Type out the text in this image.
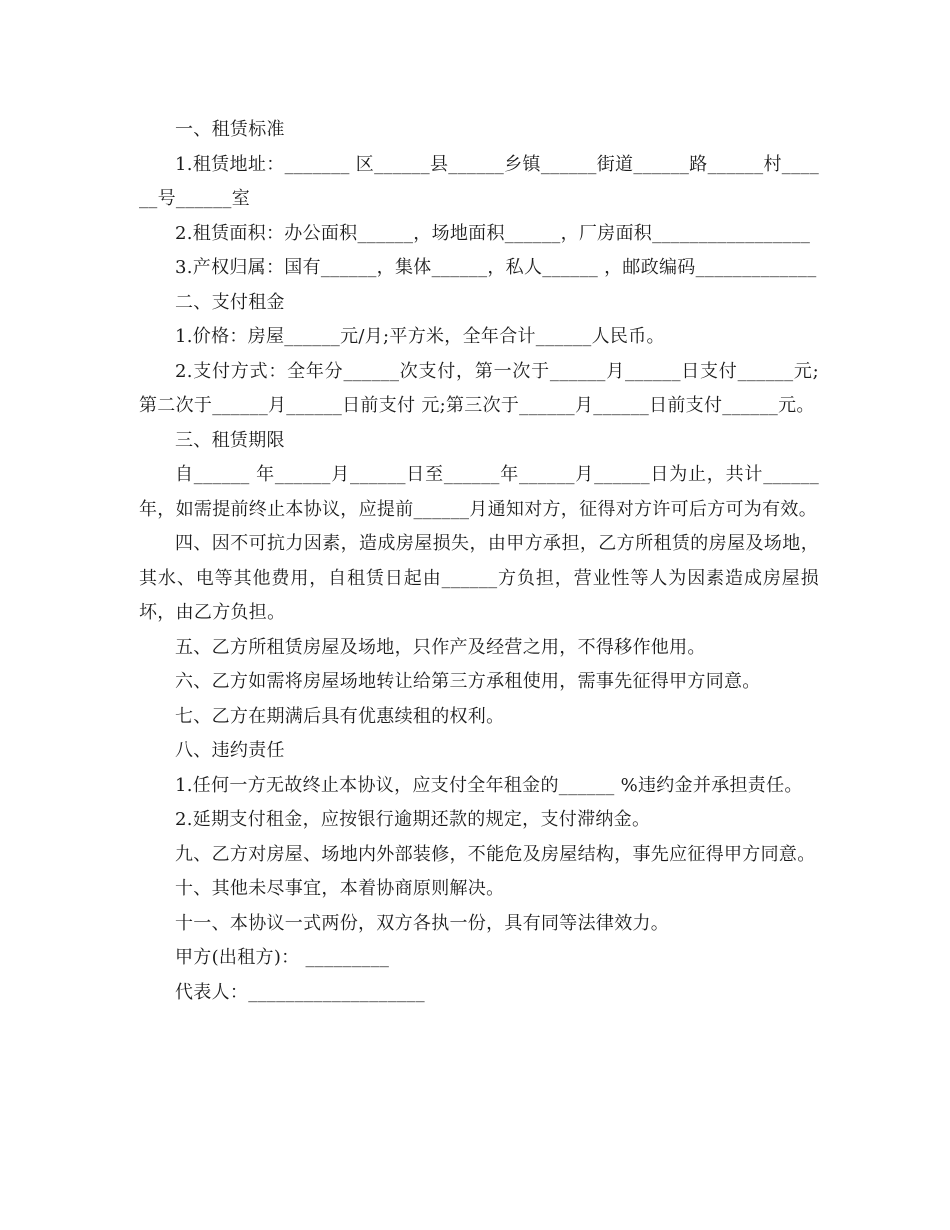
一、租赁标准

1.租赁地址：_______ 区______县______乡镇______街道______路______村______号______室

2.租赁面积：办公面积______，场地面积______，厂房面积_________________

3.产权归属：国有______，集体______，私人______ ，邮政编码_____________

二、支付租金

1.价格：房屋______元/月;平方米，全年合计______人民币。

2.支付方式：全年分______次支付，第一次于______月______日支付______元;第二次于______月______日前支付 元;第三次于______月______日前支付______元。

三、租赁期限

自______ 年______月______日至______年______月______日为止，共计______年，如需提前终止本协议，应提前______月通知对方，征得对方许可后方可为有效。

四、因不可抗力因素，造成房屋损失，由甲方承担，乙方所租赁的房屋及场地，其水、电等其他费用，自租赁日起由______方负担，营业性等人为因素造成房屋损坏，由乙方负担。

五、乙方所租赁房屋及场地，只作产及经营之用，不得移作他用。

六、乙方如需将房屋场地转让给第三方承租使用，需事先征得甲方同意。

七、乙方在期满后具有优惠续租的权利。

八、违约责任

1.任何一方无故终止本协议，应支付全年租金的______ %违约金并承担责任。

2.延期支付租金，应按银行逾期还款的规定，支付滞纳金。

九、乙方对房屋、场地内外部装修，不能危及房屋结构，事先应征得甲方同意。

十、其他未尽事宜，本着协商原则解决。

十一、本协议一式两份，双方各执一份，具有同等法律效力。

甲方(出租方)： _________

代表人：___________________
